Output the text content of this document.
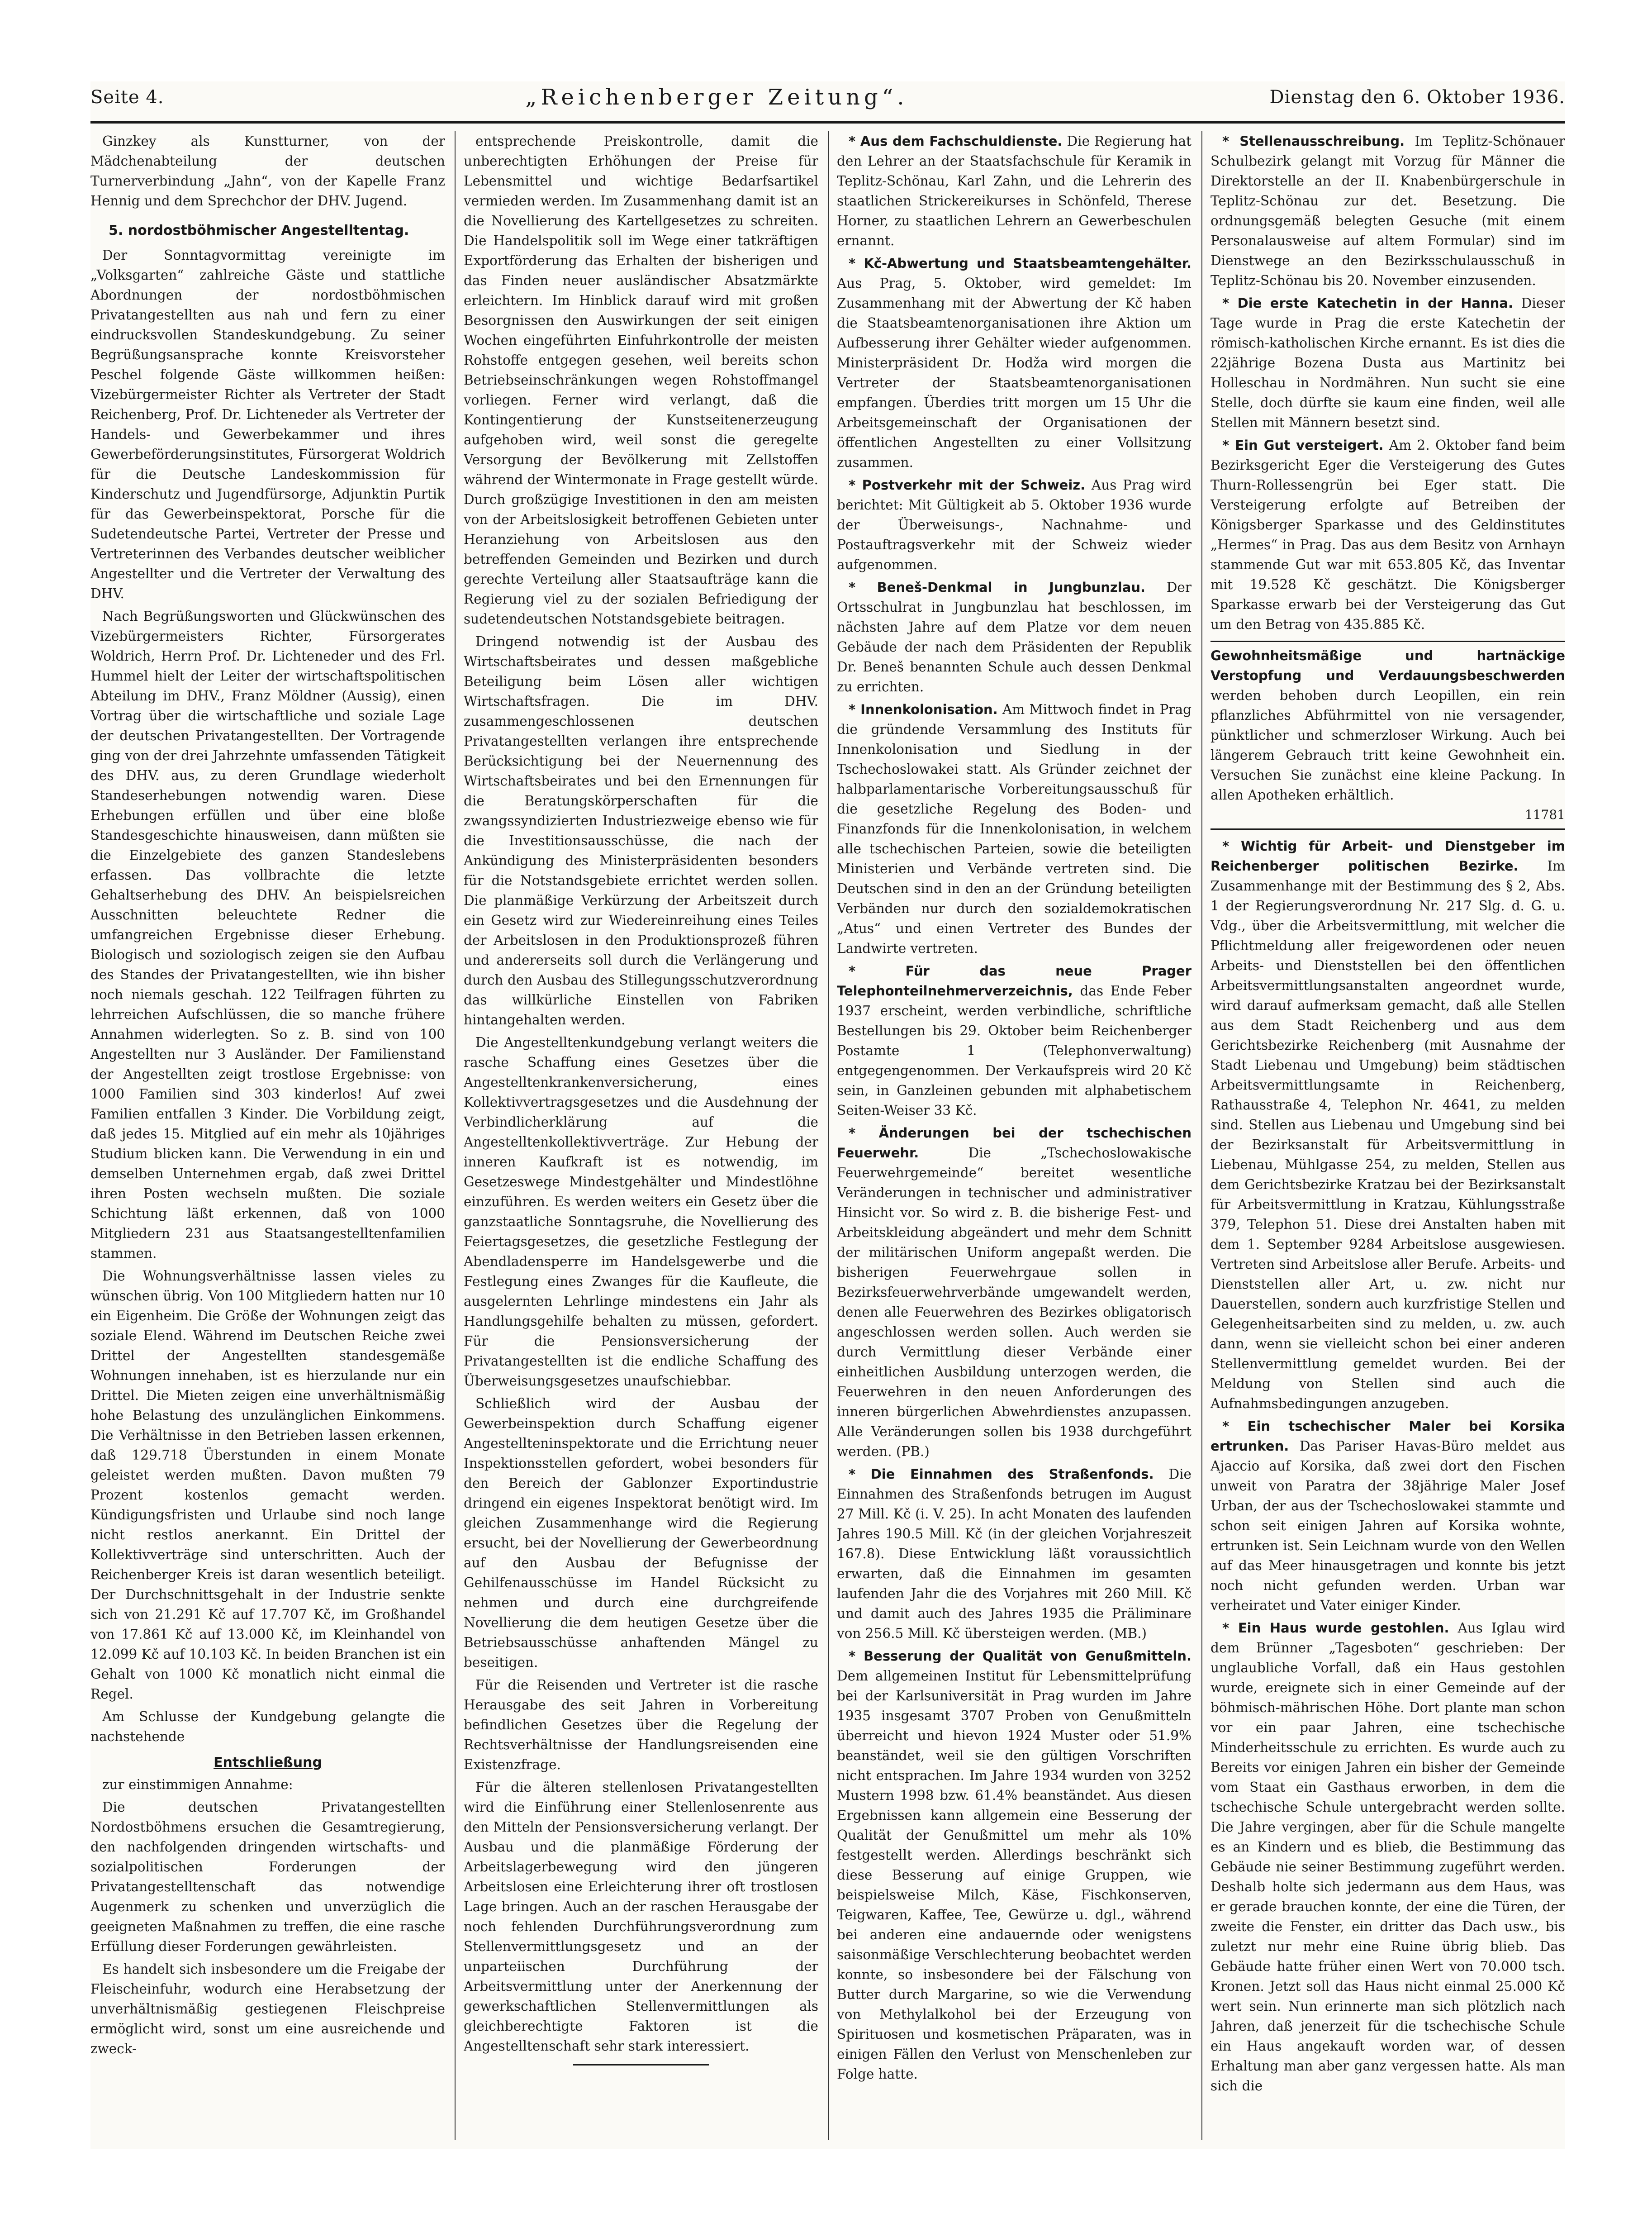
Seite 4.	„Reichenberger Zeitung“.	Dienstag den 6. Oktober 1936.

Ginzkey als Kunstturner, von der Mädchenabteilung der deutschen Turnerverbindung „Jahn“, von der Kapelle Franz Hennig und dem Sprechchor der DHV. Jugend.

5. nordostböhmischer Angestelltentag.

Der Sonntagvormittag vereinigte im „Volksgarten“ zahlreiche Gäste und stattliche Abordnungen der nordostböhmischen Privatangestellten aus nah und fern zu einer eindrucksvollen Standeskundgebung. Zu seiner Begrüßungsansprache konnte Kreisvorsteher Peschel folgende Gäste willkommen heißen: Vizebürgermeister Richter als Vertreter der Stadt Reichenberg, Prof. Dr. Lichteneder als Vertreter der Handels- und Gewerbekammer und ihres Gewerbeförderungsinstitutes, Fürsorgerat Woldrich für die Deutsche Landeskommission für Kinderschutz und Jugendfürsorge, Adjunktin Purtik für das Gewerbeinspektorat, Porsche für die Sudetendeutsche Partei, Vertreter der Presse und Vertreterinnen des Verbandes deutscher weiblicher Angestellter und die Vertreter der Verwaltung des DHV.

Nach Begrüßungsworten und Glückwünschen des Vizebürgermeisters Richter, Fürsorgerates Woldrich, Herrn Prof. Dr. Lichteneder und des Frl. Hummel hielt der Leiter der wirtschaftspolitischen Abteilung im DHV., Franz Möldner (Aussig), einen Vortrag über die wirtschaftliche und soziale Lage der deutschen Privatangestellten. Der Vortragende ging von der drei Jahrzehnte umfassenden Tätigkeit des DHV. aus, zu deren Grundlage wiederholt Standeserhebungen notwendig waren. Diese Erhebungen erfüllen und über eine bloße Standesgeschichte hinausweisen, dann müßten sie die Einzelgebiete des ganzen Standeslebens erfassen. Das vollbrachte die letzte Gehaltserhebung des DHV. An beispielsreichen Ausschnitten beleuchtete Redner die umfangreichen Ergebnisse dieser Erhebung. Biologisch und soziologisch zeigen sie den Aufbau des Standes der Privatangestellten, wie ihn bisher noch niemals geschah. 122 Teilfragen führten zu lehrreichen Aufschlüssen, die so manche frühere Annahmen widerlegten. So z. B. sind von 100 Angestellten nur 3 Ausländer. Der Familienstand der Angestellten zeigt trostlose Ergebnisse: von 1000 Familien sind 303 kinderlos! Auf zwei Familien entfallen 3 Kinder. Die Vorbildung zeigt, daß jedes 15. Mitglied auf ein mehr als 10jähriges Studium blicken kann. Die Verwendung in ein und demselben Unternehmen ergab, daß zwei Drittel ihren Posten wechseln mußten. Die soziale Schichtung läßt erkennen, daß von 1000 Mitgliedern 231 aus Staatsangestelltenfamilien stammen.

Die Wohnungsverhältnisse lassen vieles zu wünschen übrig. Von 100 Mitgliedern hatten nur 10 ein Eigenheim. Die Größe der Wohnungen zeigt das soziale Elend. Während im Deutschen Reiche zwei Drittel der Angestellten standesgemäße Wohnungen innehaben, ist es hierzulande nur ein Drittel. Die Mieten zeigen eine unverhältnismäßig hohe Belastung des unzulänglichen Einkommens. Die Verhältnisse in den Betrieben lassen erkennen, daß 129.718 Überstunden in einem Monate geleistet werden mußten. Davon mußten 79 Prozent kostenlos gemacht werden. Kündigungsfristen und Urlaube sind noch lange nicht restlos anerkannt. Ein Drittel der Kollektivverträge sind unterschritten. Auch der Reichenberger Kreis ist daran wesentlich beteiligt. Der Durchschnittsgehalt in der Industrie senkte sich von 21.291 Kč auf 17.707 Kč, im Großhandel von 17.861 Kč auf 13.000 Kč, im Kleinhandel von 12.099 Kč auf 10.103 Kč. In beiden Branchen ist ein Gehalt von 1000 Kč monatlich nicht einmal die Regel.

Am Schlusse der Kundgebung gelangte die nachstehende

Entschließung

zur einstimmigen Annahme:

Die deutschen Privatangestellten Nordostböhmens ersuchen die Gesamtregierung, den nachfolgenden dringenden wirtschafts- und sozialpolitischen Forderungen der Privatangestelltenschaft das notwendige Augenmerk zu schenken und unverzüglich die geeigneten Maßnahmen zu treffen, die eine rasche Erfüllung dieser Forderungen gewährleisten.

Es handelt sich insbesondere um die Freigabe der Fleischeinfuhr, wodurch eine Herabsetzung der unverhältnismäßig gestiegenen Fleischpreise ermöglicht wird, sonst um eine ausreichende und zweck-

entsprechende Preiskontrolle, damit die unberechtigten Erhöhungen der Preise für Lebensmittel und wichtige Bedarfsartikel vermieden werden. Im Zusammenhang damit ist an die Novellierung des Kartellgesetzes zu schreiten. Die Handelspolitik soll im Wege einer tatkräftigen Exportförderung das Erhalten der bisherigen und das Finden neuer ausländischer Absatzmärkte erleichtern. Im Hinblick darauf wird mit großen Besorgnissen den Auswirkungen der seit einigen Wochen eingeführten Einfuhrkontrolle der meisten Rohstoffe entgegen gesehen, weil bereits schon Betriebseinschränkungen wegen Rohstoffmangel vorliegen. Ferner wird verlangt, daß die Kontingentierung der Kunstseitenerzeugung aufgehoben wird, weil sonst die geregelte Versorgung der Bevölkerung mit Zellstoffen während der Wintermonate in Frage gestellt würde. Durch großzügige Investitionen in den am meisten von der Arbeitslosigkeit betroffenen Gebieten unter Heranziehung von Arbeitslosen aus den betreffenden Gemeinden und Bezirken und durch gerechte Verteilung aller Staatsaufträge kann die Regierung viel zu der sozialen Befriedigung der sudetendeutschen Notstandsgebiete beitragen.

Dringend notwendig ist der Ausbau des Wirtschaftsbeirates und dessen maßgebliche Beteiligung beim Lösen aller wichtigen Wirtschaftsfragen. Die im DHV. zusammengeschlossenen deutschen Privatangestellten verlangen ihre entsprechende Berücksichtigung bei der Neuernennung des Wirtschaftsbeirates und bei den Ernennungen für die Beratungskörperschaften für die zwangssyndizierten Industriezweige ebenso wie für die Investitionsausschüsse, die nach der Ankündigung des Ministerpräsidenten besonders für die Notstandsgebiete errichtet werden sollen. Die planmäßige Verkürzung der Arbeitszeit durch ein Gesetz wird zur Wiedereinreihung eines Teiles der Arbeitslosen in den Produktionsprozeß führen und andererseits soll durch die Verlängerung und durch den Ausbau des Stillegungsschutzverordnung das willkürliche Einstellen von Fabriken hintangehalten werden.

Die Angestelltenkundgebung verlangt weiters die rasche Schaffung eines Gesetzes über die Angestelltenkrankenversicherung, eines Kollektivvertragsgesetzes und die Ausdehnung der Verbindlicherklärung auf die Angestelltenkollektivverträge. Zur Hebung der inneren Kaufkraft ist es notwendig, im Gesetzeswege Mindestgehälter und Mindestlöhne einzuführen. Es werden weiters ein Gesetz über die ganzstaatliche Sonntagsruhe, die Novellierung des Feiertagsgesetzes, die gesetzliche Festlegung der Abendladensperre im Handelsgewerbe und die Festlegung eines Zwanges für die Kaufleute, die ausgelernten Lehrlinge mindestens ein Jahr als Handlungsgehilfe behalten zu müssen, gefordert. Für die Pensionsversicherung der Privatangestellten ist die endliche Schaffung des Überweisungsgesetzes unaufschiebbar.

Schließlich wird der Ausbau der Gewerbeinspektion durch Schaffung eigener Angestellteninspektorate und die Errichtung neuer Inspektionsstellen gefordert, wobei besonders für den Bereich der Gablonzer Exportindustrie dringend ein eigenes Inspektorat benötigt wird. Im gleichen Zusammenhange wird die Regierung ersucht, bei der Novellierung der Gewerbeordnung auf den Ausbau der Befugnisse der Gehilfenausschüsse im Handel Rücksicht zu nehmen und durch eine durchgreifende Novellierung die dem heutigen Gesetze über die Betriebsausschüsse anhaftenden Mängel zu beseitigen.

Für die Reisenden und Vertreter ist die rasche Herausgabe des seit Jahren in Vorbereitung befindlichen Gesetzes über die Regelung der Rechtsverhältnisse der Handlungsreisenden eine Existenzfrage.

Für die älteren stellenlosen Privatangestellten wird die Einführung einer Stellenlosenrente aus den Mitteln der Pensionsversicherung verlangt. Der Ausbau und die planmäßige Förderung der Arbeitslagerbewegung wird den jüngeren Arbeitslosen eine Erleichterung ihrer oft trostlosen Lage bringen. Auch an der raschen Herausgabe der noch fehlenden Durchführungsverordnung zum Stellenvermittlungsgesetz und an der unparteiischen Durchführung der Arbeitsvermittlung unter der Anerkennung der gewerkschaftlichen Stellenvermittlungen als gleichberechtigte Faktoren ist die Angestelltenschaft sehr stark interessiert.

* Aus dem Fachschuldienste. Die Regierung hat den Lehrer an der Staatsfachschule für Keramik in Teplitz-Schönau, Karl Zahn, und die Lehrerin des staatlichen Strickereikurses in Schönfeld, Therese Horner, zu staatlichen Lehrern an Gewerbeschulen ernannt.

* Kč-Abwertung und Staatsbeamtengehälter. Aus Prag, 5. Oktober, wird gemeldet: Im Zusammenhang mit der Abwertung der Kč haben die Staatsbeamtenorganisationen ihre Aktion um Aufbesserung ihrer Gehälter wieder aufgenommen. Ministerpräsident Dr. Hodža wird morgen die Vertreter der Staatsbeamtenorganisationen empfangen. Überdies tritt morgen um 15 Uhr die Arbeitsgemeinschaft der Organisationen der öffentlichen Angestellten zu einer Vollsitzung zusammen.

* Postverkehr mit der Schweiz. Aus Prag wird berichtet: Mit Gültigkeit ab 5. Oktober 1936 wurde der Überweisungs-, Nachnahme- und Postauftragsverkehr mit der Schweiz wieder aufgenommen.

* Beneš-Denkmal in Jungbunzlau. Der Ortsschulrat in Jungbunzlau hat beschlossen, im nächsten Jahre auf dem Platze vor dem neuen Gebäude der nach dem Präsidenten der Republik Dr. Beneš benannten Schule auch dessen Denkmal zu errichten.

* Innenkolonisation. Am Mittwoch findet in Prag die gründende Versammlung des Instituts für Innenkolonisation und Siedlung in der Tschechoslowakei statt. Als Gründer zeichnet der halbparlamentarische Vorbereitungsausschuß für die gesetzliche Regelung des Boden- und Finanzfonds für die Innenkolonisation, in welchem alle tschechischen Parteien, sowie die beteiligten Ministerien und Verbände vertreten sind. Die Deutschen sind in den an der Gründung beteiligten Verbänden nur durch den sozialdemokratischen „Atus“ und einen Vertreter des Bundes der Landwirte vertreten.

* Für das neue Prager Telephonteilnehmerverzeichnis, das Ende Feber 1937 erscheint, werden verbindliche, schriftliche Bestellungen bis 29. Oktober beim Reichenberger Postamte 1 (Telephonverwaltung) entgegengenommen. Der Verkaufspreis wird 20 Kč sein, in Ganzleinen gebunden mit alphabetischem Seiten-Weiser 33 Kč.

* Änderungen bei der tschechischen Feuerwehr.	Die „Tschechoslowakische Feuerwehrgemeinde“ bereitet wesentliche Veränderungen in technischer und administrativer Hinsicht vor. So wird z. B. die bisherige Fest- und Arbeitskleidung abgeändert und mehr dem Schnitt der militärischen Uniform angepaßt werden. Die bisherigen Feuerwehrgaue sollen in Bezirksfeuerwehrverbände umgewandelt werden, denen alle Feuerwehren des Bezirkes obligatorisch angeschlossen werden sollen. Auch werden sie durch Vermittlung dieser Verbände einer einheitlichen Ausbildung unterzogen werden, die Feuerwehren in den neuen Anforderungen des inneren bürgerlichen Abwehrdienstes anzupassen. Alle Veränderungen sollen bis 1938 durchgeführt werden. (PB.)

* Die Einnahmen des Straßenfonds. Die Einnahmen des Straßenfonds betrugen im August 27 Mill. Kč (i. V. 25). In acht Monaten des laufenden Jahres 190.5 Mill. Kč (in der gleichen Vorjahreszeit 167.8). Diese Entwicklung läßt voraussichtlich erwarten, daß die Einnahmen im gesamten laufenden Jahr die des Vorjahres mit 260 Mill. Kč und damit auch des Jahres 1935 die Präliminare von 256.5 Mill. Kč übersteigen werden. (MB.)

* Besserung der Qualität von Genußmitteln. Dem allgemeinen Institut für Lebensmittelprüfung bei der Karlsuniversität in Prag wurden im Jahre 1935 insgesamt 3707 Proben von Genußmitteln überreicht und hievon 1924 Muster oder 51.9% beanständet, weil sie den gültigen Vorschriften nicht entsprachen. Im Jahre 1934 wurden von 3252 Mustern 1998 bzw. 61.4% beanständet. Aus diesen Ergebnissen kann allgemein eine Besserung der Qualität der Genußmittel um mehr als 10% festgestellt werden. Allerdings beschränkt sich diese Besserung auf einige Gruppen, wie beispielsweise Milch, Käse, Fischkonserven, Teigwaren, Kaffee, Tee, Gewürze u. dgl., während bei anderen eine andauernde oder wenigstens saisonmäßige Verschlechterung beobachtet werden konnte, so insbesondere bei der Fälschung von Butter durch Margarine, so wie die Verwendung von Methylalkohol bei der Erzeugung von Spirituosen und kosmetischen Präparaten, was in einigen Fällen den Verlust von Menschenleben zur Folge hatte.

* Stellenausschreibung. Im Teplitz-Schönauer Schulbezirk gelangt mit Vorzug für Männer die Direktorstelle an der II. Knabenbürgerschule in Teplitz-Schönau zur det. Besetzung. Die ordnungsgemäß belegten Gesuche (mit einem Personalausweise auf altem Formular) sind im Dienstwege an den Bezirksschulausschuß in Teplitz-Schönau bis 20. November einzusenden.

* Die erste Katechetin in der Hanna. Dieser Tage wurde in Prag die erste Katechetin der römisch-katholischen Kirche ernannt. Es ist dies die 22jährige Bozena Dusta aus Martinitz bei Holleschau in Nordmähren. Nun sucht sie eine Stelle, doch dürfte sie kaum eine finden, weil alle Stellen mit Männern besetzt sind.

* Ein Gut versteigert. Am 2. Oktober fand beim Bezirksgericht Eger die Versteigerung des Gutes Thurn-Rollessengrün bei Eger statt. Die Versteigerung erfolgte auf Betreiben der Königsberger Sparkasse und des Geldinstitutes „Hermes“ in Prag. Das aus dem Besitz von Arnhayn stammende Gut war mit 653.805 Kč, das Inventar mit 19.528 Kč geschätzt. Die Königsberger Sparkasse erwarb bei der Versteigerung das Gut um den Betrag von 435.885 Kč.

Gewohnheitsmäßige und hartnäckige Verstopfung und Verdauungsbeschwerden werden behoben durch Leopillen, ein rein pflanzliches Abführmittel von nie versagender, pünktlicher und schmerzloser Wirkung. Auch bei längerem Gebrauch tritt keine Gewohnheit ein. Versuchen Sie zunächst eine kleine Packung. In allen Apotheken erhältlich.

11781

* Wichtig für Arbeit- und Dienstgeber im Reichenberger politischen Bezirke. Im Zusammenhange mit der Bestimmung des § 2, Abs. 1 der Regierungsverordnung Nr. 217 Slg. d. G. u. Vdg., über die Arbeitsvermittlung, mit welcher die Pflichtmeldung aller freigewordenen oder neuen Arbeits- und Dienststellen bei den öffentlichen Arbeitsvermittlungsanstalten angeordnet wurde, wird darauf aufmerksam gemacht, daß alle Stellen aus dem Stadt Reichenberg und aus dem Gerichtsbezirke Reichenberg (mit Ausnahme der Stadt Liebenau und Umgebung) beim städtischen Arbeitsvermittlungsamte in Reichenberg, Rathausstraße 4, Telephon Nr. 4641, zu melden sind. Stellen aus Liebenau und Umgebung sind bei der Bezirksanstalt für Arbeitsvermittlung in Liebenau, Mühlgasse 254, zu melden, Stellen aus dem Gerichtsbezirke Kratzau bei der Bezirksanstalt für Arbeitsvermittlung in Kratzau, Kühlungsstraße 379, Telephon 51. Diese drei Anstalten haben mit dem 1. September 9284 Arbeitslose ausgewiesen. Vertreten sind Arbeitslose aller Berufe. Arbeits- und Dienststellen aller Art, u. zw. nicht nur Dauerstellen, sondern auch kurzfristige Stellen und Gelegenheitsarbeiten sind zu melden, u. zw. auch dann, wenn sie vielleicht schon bei einer anderen Stellenvermittlung gemeldet wurden. Bei der Meldung von Stellen sind auch die Aufnahmsbedingungen anzugeben.

* Ein tschechischer Maler bei Korsika ertrunken. Das Pariser Havas-Büro meldet aus Ajaccio auf Korsika, daß zwei dort den Fischen unweit von Paratra der 38jährige Maler Josef Urban, der aus der Tschechoslowakei stammte und schon seit einigen Jahren auf Korsika wohnte, ertrunken ist. Sein Leichnam wurde von den Wellen auf das Meer hinausgetragen und konnte bis jetzt noch nicht gefunden werden. Urban war verheiratet und Vater einiger Kinder.

* Ein Haus wurde gestohlen. Aus Iglau wird dem Brünner „Tagesboten“ geschrieben: Der unglaubliche Vorfall, daß ein Haus gestohlen wurde, ereignete sich in einer Gemeinde auf der böhmisch-mährischen Höhe. Dort plante man schon vor ein paar Jahren, eine tschechische Minderheitsschule zu errichten. Es wurde auch zu Bereits vor einigen Jahren ein bisher der Gemeinde vom Staat ein Gasthaus erworben, in dem die tschechische Schule untergebracht werden sollte. Die Jahre vergingen, aber für die Schule mangelte es an Kindern und es blieb, die Bestimmung das Gebäude nie seiner Bestimmung zugeführt werden. Deshalb holte sich jedermann aus dem Haus, was er gerade brauchen konnte, der eine die Türen, der zweite die Fenster, ein dritter das Dach usw., bis zuletzt nur mehr eine Ruine übrig blieb. Das Gebäude hatte früher einen Wert von 70.000 tsch. Kronen. Jetzt soll das Haus nicht einmal 25.000 Kč wert sein. Nun erinnerte man sich plötzlich nach Jahren, daß jenerzeit für die tschechische Schule ein Haus angekauft worden war, of dessen Erhaltung man aber ganz vergessen hatte. Als man sich die
